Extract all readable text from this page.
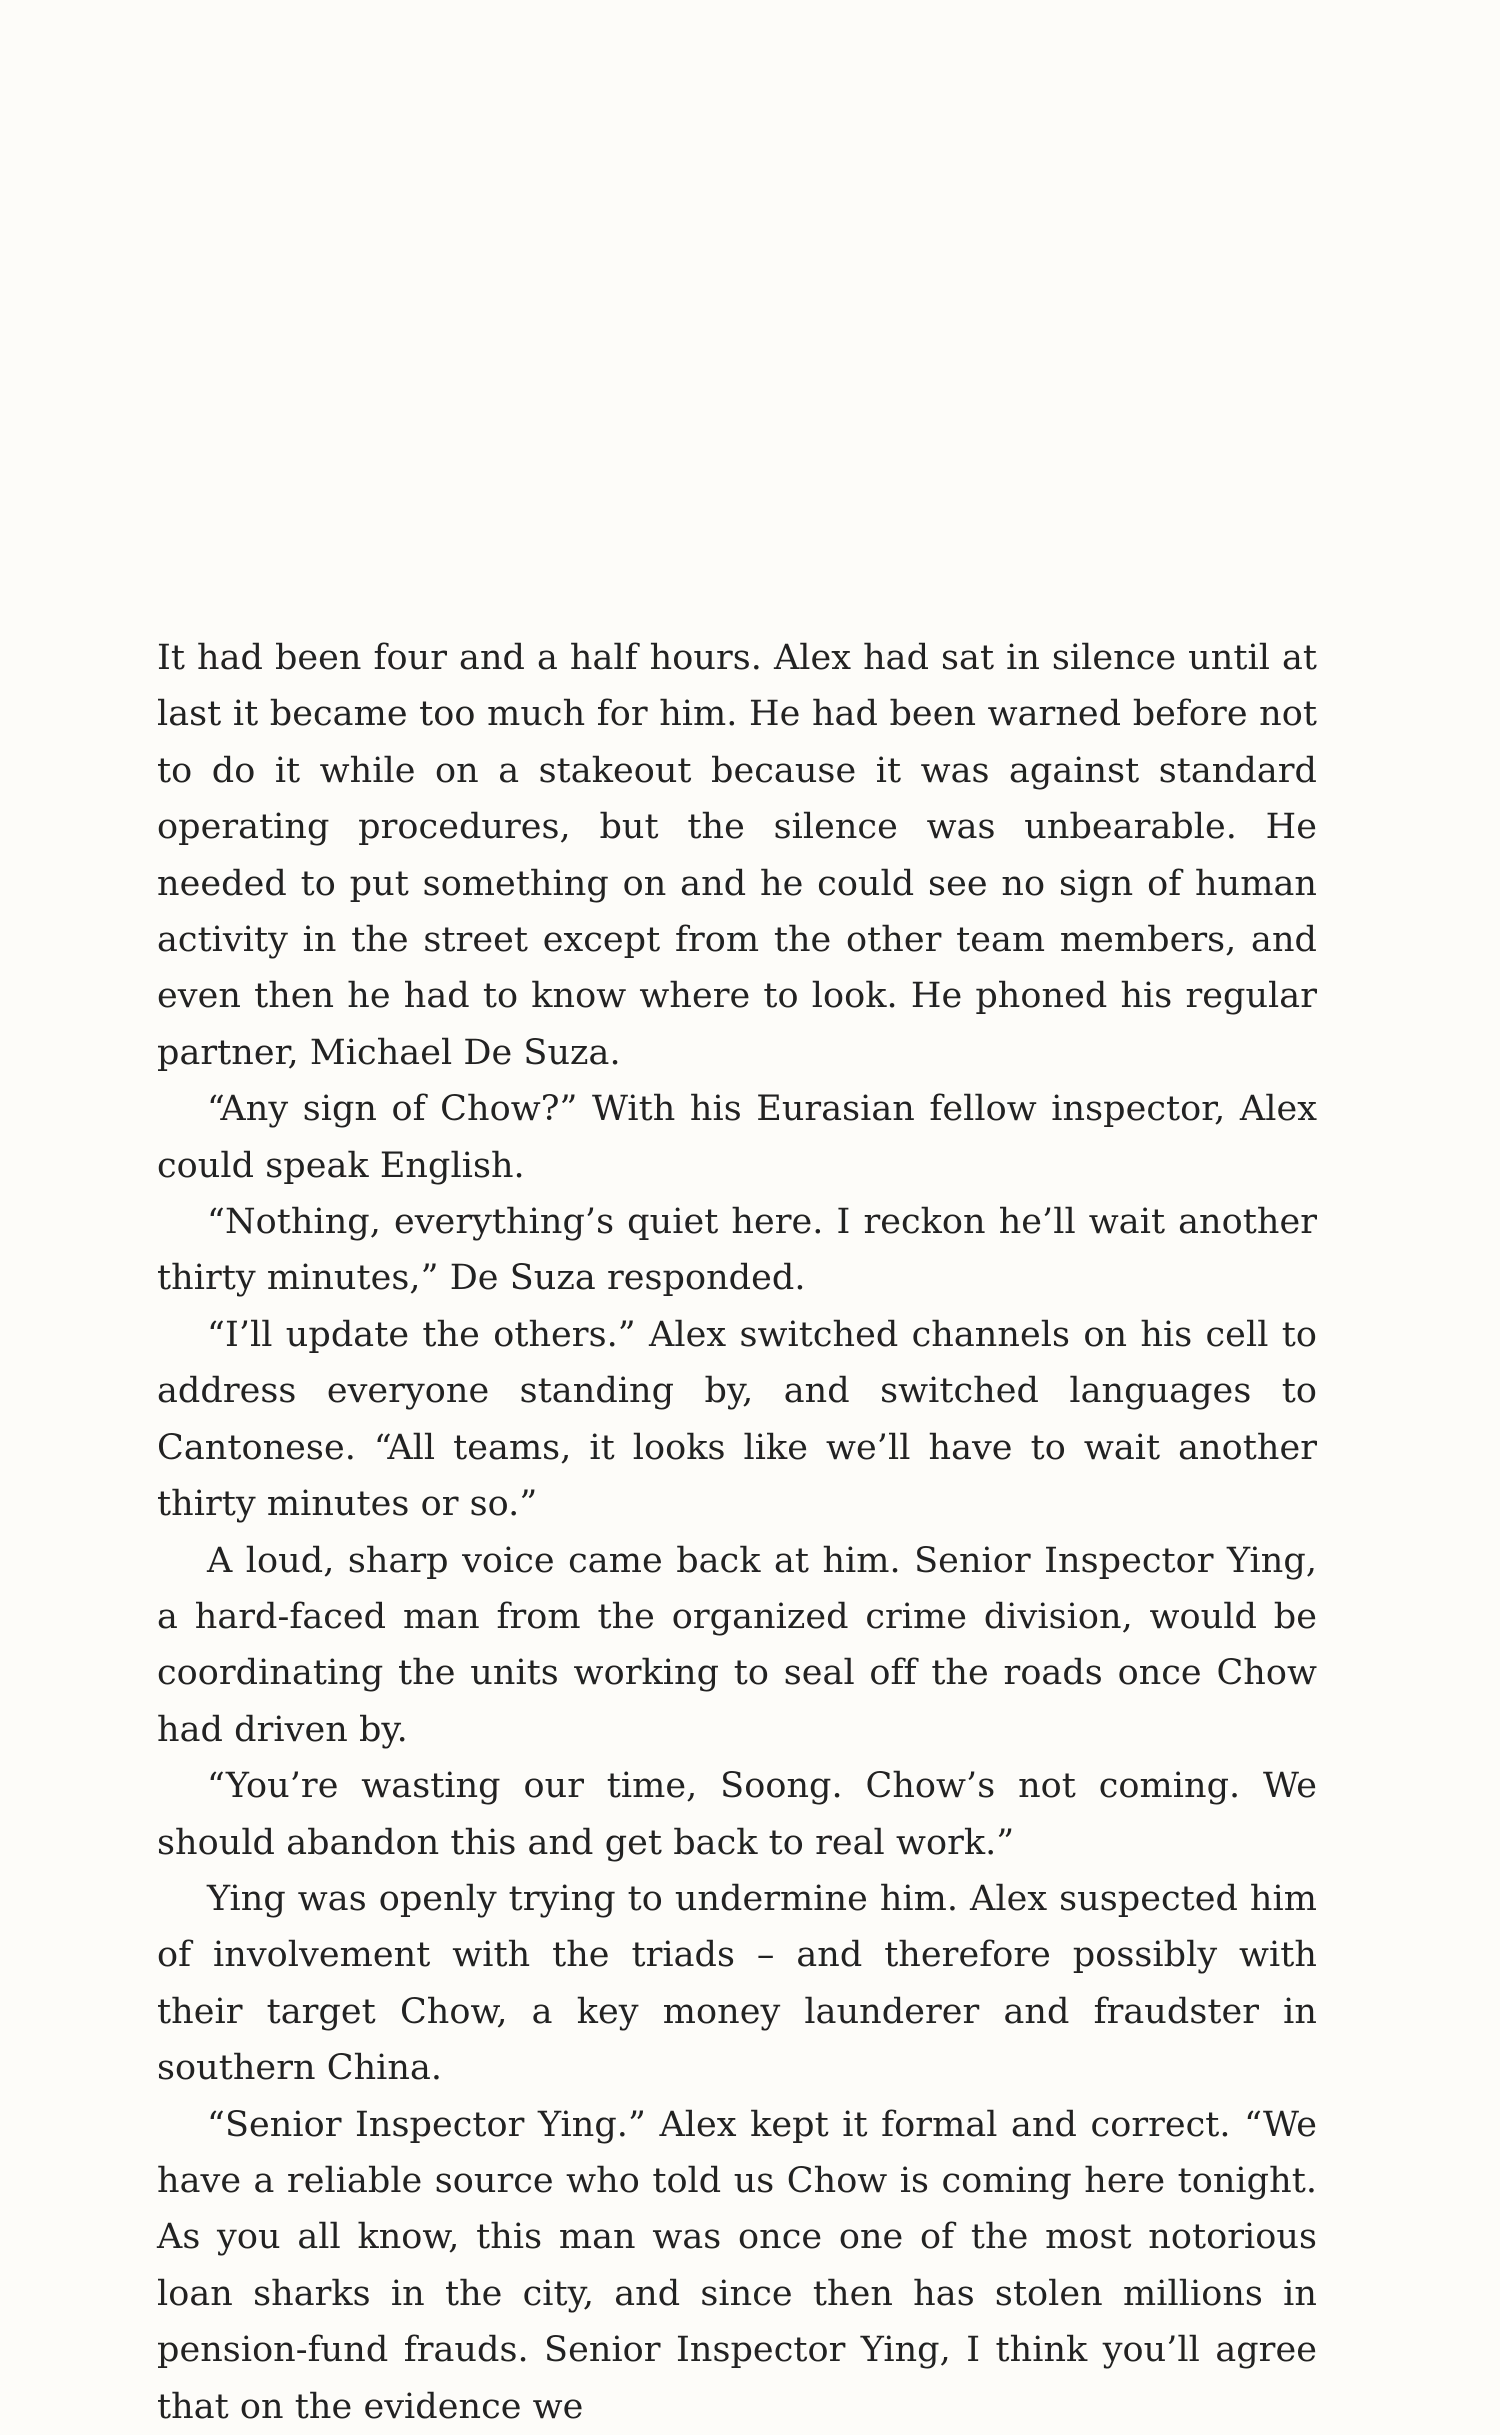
It had been four and a half hours. Alex had sat in silence until at last it became too much for him. He had been warned before not to do it while on a stakeout because it was against standard operating procedures, but the silence was unbearable. He needed to put something on and he could see no sign of human activity in the street except from the other team members, and even then he had to know where to look. He phoned his regular partner, Michael De Suza.

“Any sign of Chow?” With his Eurasian fellow inspector, Alex could speak English.

“Nothing, everything’s quiet here. I reckon he’ll wait another thirty minutes,” De Suza responded.

“I’ll update the others.” Alex switched channels on his cell to address everyone standing by, and switched languages to Cantonese. “All teams, it looks like we’ll have to wait another thirty minutes or so.”

A loud, sharp voice came back at him. Senior Inspector Ying, a hard-faced man from the organized crime division, would be coordinating the units working to seal off the roads once Chow had driven by.

“You’re wasting our time, Soong. Chow’s not coming. We should abandon this and get back to real work.”

Ying was openly trying to undermine him. Alex suspected him of involvement with the triads – and therefore possibly with their target Chow, a key money launderer and fraudster in southern China.

“Senior Inspector Ying.” Alex kept it formal and correct. “We have a reliable source who told us Chow is coming here tonight. As you all know, this man was once one of the most notorious loan sharks in the city, and since then has stolen millions in pension-fund frauds. Senior Inspector Ying, I think you’ll agree that on the evidence we
